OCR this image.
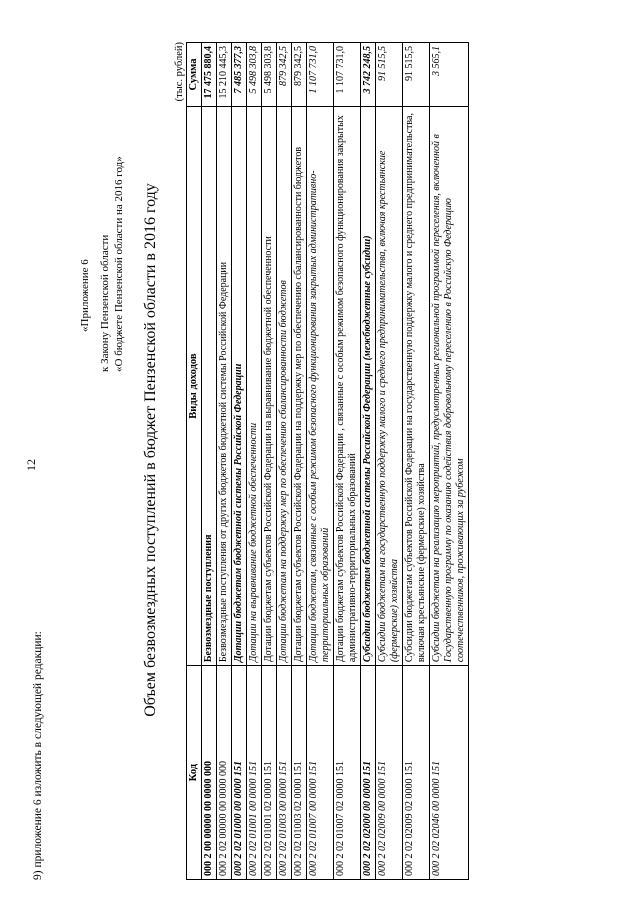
9) приложение 6 изложить в следующей редакции:
12
«Приложение 6 к Закону Пензенской области «О бюджете Пензенской области на 2016 год» Объем безвозмездных поступлений в бюджет Пензенской области в 2016 году
(тыс. рублей)
Код	Виды доходов	Сумма
000 2 00 00000 00 0000 000	Безвозмездные поступления	17 475 880,4
000 2 02 00000 00 0000 000	Безвозмездные поступления от других бюджетов бюджетной системы Российской Федерации	15 210 445,3
000 2 02 01000 00 0000 151	Дотации бюджетам бюджетной системы Российской Федерации	7 485 377,3
000 2 02 01001 00 0000 151	Дотации на выравнивание бюджетной обеспеченности	5 498 303,8
000 2 02 01001 02 0000 151	Дотации бюджетам субъектов Российской Федерации на выравнивание бюджетной обеспеченности	5 498 303,8
000 2 02 01003 00 0000 151	Дотации бюджетам на поддержку мер по обеспечению сбалансированности бюджетов	879 342,5
000 2 02 01003 02 0000 151	Дотации бюджетам субъектов Российской Федерации на поддержку мер по обеспечению сбалансированности бюджетов	879 342,5
000 2 02 01007 00 0000 151	Дотации бюджетам, связанные с особым режимом безопасного функционирования закрытых административно-территориальных образований	1 107 731,0
000 2 02 01007 02 0000 151	Дотации бюджетам субъектов Российской Федерации , связанные с особым режимом безопасного функционирования закрытых административно-территориальных образований	1 107 731,0
000 2 02 02000 00 0000 151	Субсидии бюджетам бюджетной системы Российской Федерации (межбюджетные субсидии)	3 742 248,5
000 2 02 02009 00 0000 151	Субсидии бюджетам на государственную поддержку малого и среднего предпринимательства, включая крестьянские (фермерские) хозяйства	91 515,5
000 2 02 02009 02 0000 151	Субсидии бюджетам субъектов Российской Федерации на государственную поддержку малого и среднего предпринимательства, включая крестьянские (фермерские) хозяйства	91 515,5
000 2 02 02046 00 0000 151	Субсидии бюджетам на реализацию мероприятий, предусмотренных региональной программой переселения, включенной в Государственную программу по оказанию содействия добровольному переселению в Российскую Федерацию соотечественников, проживающих за рубежом	3 565,1
